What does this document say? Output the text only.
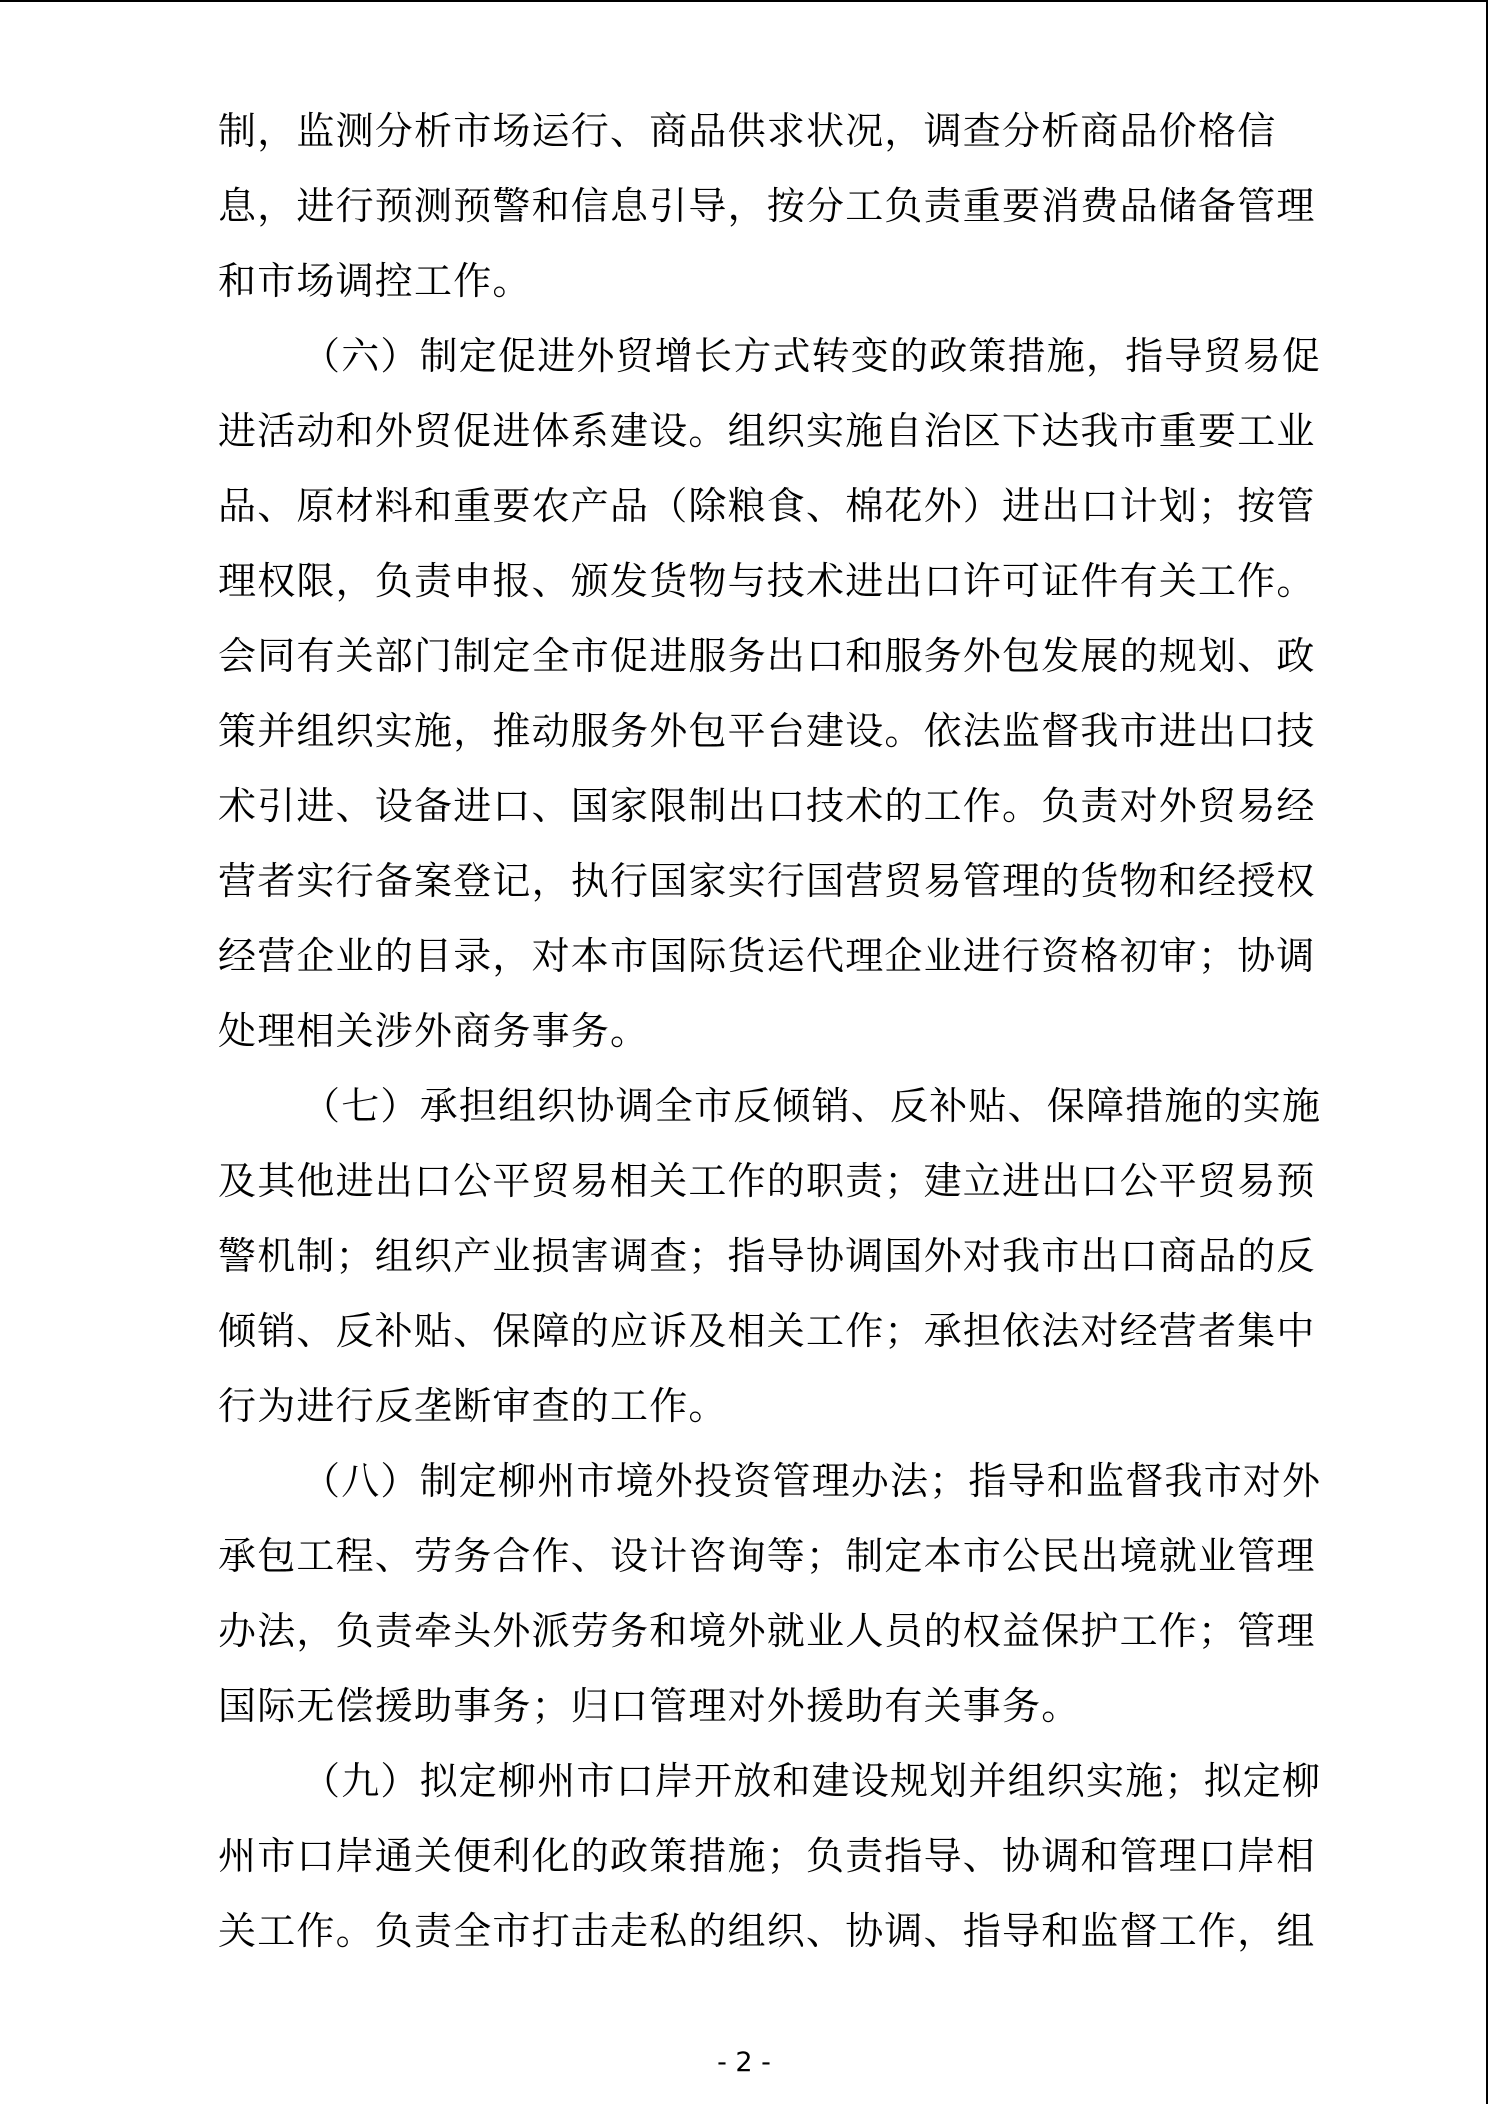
制，监测分析市场运行、商品供求状况，调查分析商品价格信
息，进行预测预警和信息引导，按分工负责重要消费品储备管理
和市场调控工作。
（六）制定促进外贸增长方式转变的政策措施，指导贸易促
进活动和外贸促进体系建设。组织实施自治区下达我市重要工业
品、原材料和重要农产品（除粮食、棉花外）进出口计划；按管
理权限，负责申报、颁发货物与技术进出口许可证件有关工作。
会同有关部门制定全市促进服务出口和服务外包发展的规划、政
策并组织实施，推动服务外包平台建设。依法监督我市进出口技
术引进、设备进口、国家限制出口技术的工作。负责对外贸易经
营者实行备案登记，执行国家实行国营贸易管理的货物和经授权
经营企业的目录，对本市国际货运代理企业进行资格初审；协调
处理相关涉外商务事务。
（七）承担组织协调全市反倾销、反补贴、保障措施的实施
及其他进出口公平贸易相关工作的职责；建立进出口公平贸易预
警机制；组织产业损害调查；指导协调国外对我市出口商品的反
倾销、反补贴、保障的应诉及相关工作；承担依法对经营者集中
行为进行反垄断审查的工作。
（八）制定柳州市境外投资管理办法；指导和监督我市对外
承包工程、劳务合作、设计咨询等；制定本市公民出境就业管理
办法，负责牵头外派劳务和境外就业人员的权益保护工作；管理
国际无偿援助事务；归口管理对外援助有关事务。
（九）拟定柳州市口岸开放和建设规划并组织实施；拟定柳
州市口岸通关便利化的政策措施；负责指导、协调和管理口岸相
关工作。负责全市打击走私的组织、协调、指导和监督工作，组
- 2 -
